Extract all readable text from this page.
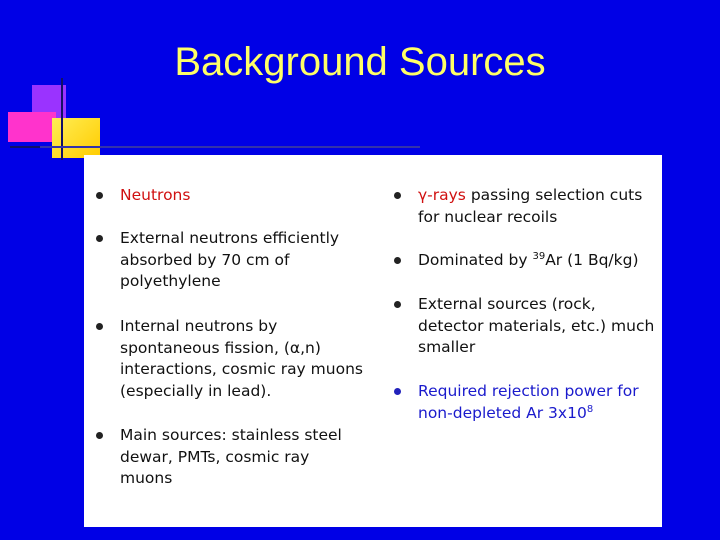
Background Sources
Neutrons
External neutrons efficiently absorbed by 70 cm of polyethylene
Internal neutrons by spontaneous fission, (α,n) interactions, cosmic ray muons (especially in lead).
Main sources: stainless steel dewar, PMTs, cosmic ray muons
γ-rays passing selection cuts for nuclear recoils
Dominated by $^{39}$Ar (1 Bq/kg)
External sources (rock, detector materials, etc.) much smaller
Required rejection power for non-depleted Ar $3x10^8$
